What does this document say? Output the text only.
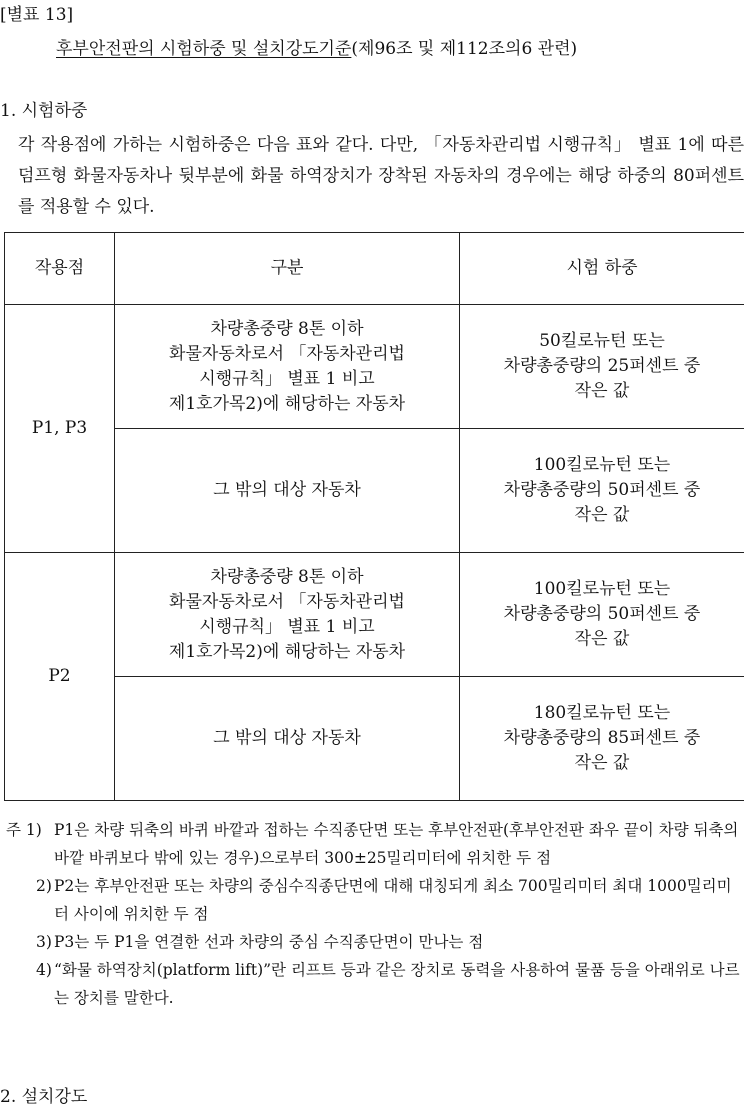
[별표 13]
후부안전판의 시험하중 및 설치강도기준(제96조 및 제112조의6 관련)
1. 시험하중
각 작용점에 가하는 시험하중은 다음 표와 같다. 다만, 「자동차관리법 시행규칙」 별표 1에 따른 덤프형 화물자동차나 뒷부분에 화물 하역장치가 장착된 자동차의 경우에는 해당 하중의 80퍼센트를 적용할 수 있다.
작용점	구분	시험 하중
P1, P3	차량총중량 8톤 이하
화물자동차로서 「자동차관리법
시행규칙」 별표 1 비고
제1호가목2)에 해당하는 자동차	50킬로뉴턴 또는
차량총중량의 25퍼센트 중
작은 값
	그 밖의 대상 자동차	100킬로뉴턴 또는
차량총중량의 50퍼센트 중
작은 값
P2	차량총중량 8톤 이하
화물자동차로서 「자동차관리법
시행규칙」 별표 1 비고
제1호가목2)에 해당하는 자동차	100킬로뉴턴 또는
차량총중량의 50퍼센트 중
작은 값
	그 밖의 대상 자동차	180킬로뉴턴 또는
차량총중량의 85퍼센트 중
작은 값
주 1) P1은 차량 뒤축의 바퀴 바깥과 접하는 수직종단면 또는 후부안전판(후부안전판 좌우 끝이 차량 뒤축의 바깥 바퀴보다 밖에 있는 경우)으로부터 300±25밀리미터에 위치한 두 점
2) P2는 후부안전판 또는 차량의 중심수직종단면에 대해 대칭되게 최소 700밀리미터 최대 1000밀리미터 사이에 위치한 두 점
3) P3는 두 P1을 연결한 선과 차량의 중심 수직종단면이 만나는 점
4) “화물 하역장치(platform lift)”란 리프트 등과 같은 장치로 동력을 사용하여 물품 등을 아래위로 나르는 장치를 말한다.
2. 설치강도
